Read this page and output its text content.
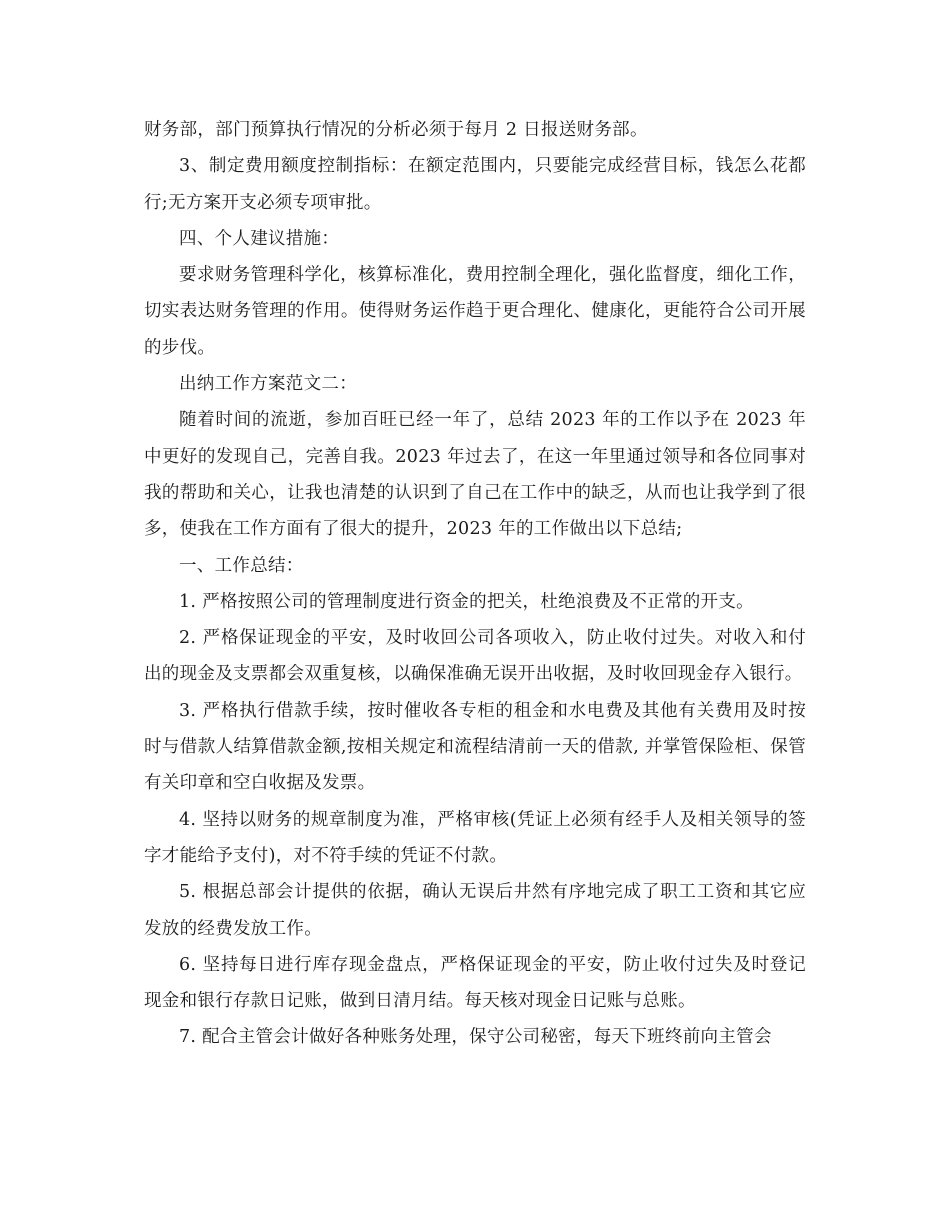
财务部，部门预算执行情况的分析必须于每月 2 日报送财务部。

3、制定费用额度控制指标：在额定范围内，只要能完成经营目标，钱怎么花都行;无方案开支必须专项审批。

四、个人建议措施：

要求财务管理科学化，核算标准化，费用控制全理化，强化监督度，细化工作，切实表达财务管理的作用。使得财务运作趋于更合理化、健康化，更能符合公司开展的步伐。

出纳工作方案范文二：

随着时间的流逝，参加百旺已经一年了，总结 2023 年的工作以予在 2023 年中更好的发现自己，完善自我。2023 年过去了，在这一年里通过领导和各位同事对我的帮助和关心，让我也清楚的认识到了自己在工作中的缺乏，从而也让我学到了很多，使我在工作方面有了很大的提升，2023 年的工作做出以下总结;

一、工作总结：

1. 严格按照公司的管理制度进行资金的把关，杜绝浪费及不正常的开支。

2. 严格保证现金的平安，及时收回公司各项收入，防止收付过失。对收入和付出的现金及支票都会双重复核，以确保准确无误开出收据，及时收回现金存入银行。

3. 严格执行借款手续，按时催收各专柜的租金和水电费及其他有关费用及时按时与借款人结算借款金额,按相关规定和流程结清前一天的借款, 并掌管保险柜、保管有关印章和空白收据及发票。

4. 坚持以财务的规章制度为准，严格审核(凭证上必须有经手人及相关领导的签字才能给予支付)，对不符手续的凭证不付款。

5. 根据总部会计提供的依据，确认无误后井然有序地完成了职工工资和其它应发放的经费发放工作。

6. 坚持每日进行库存现金盘点，严格保证现金的平安，防止收付过失及时登记现金和银行存款日记账，做到日清月结。每天核对现金日记账与总账。

7. 配合主管会计做好各种账务处理，保守公司秘密，每天下班终前向主管会
